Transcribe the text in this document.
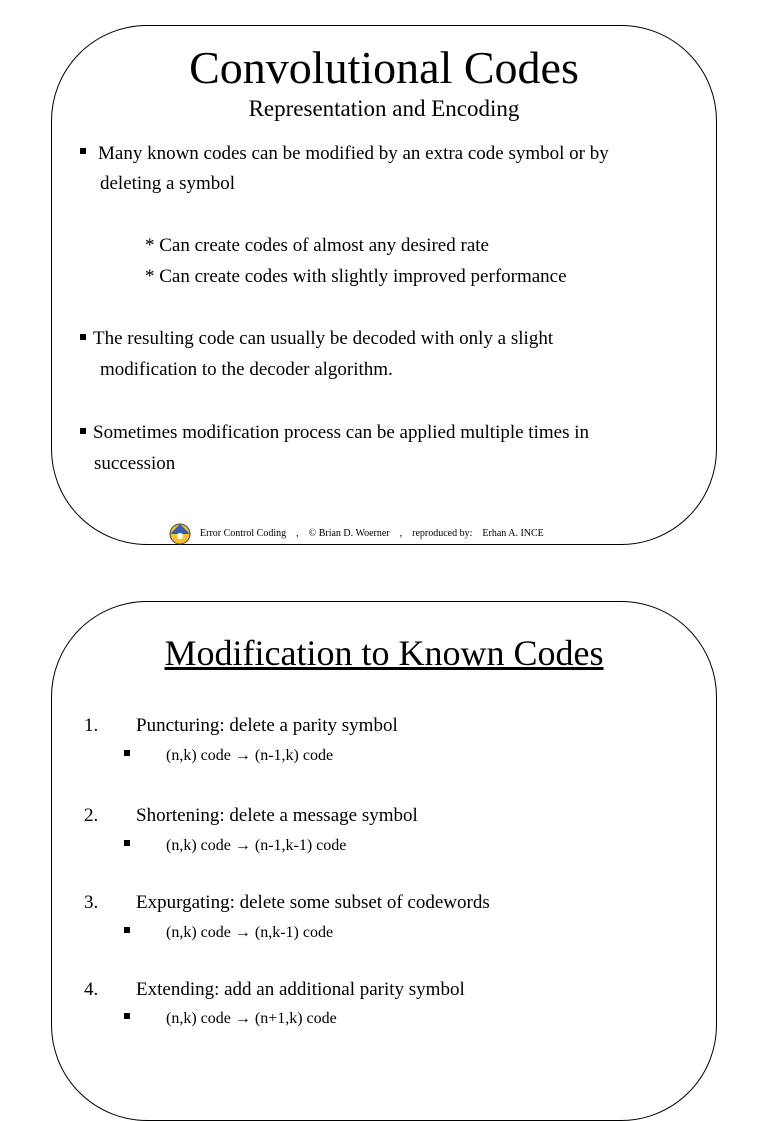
Convolutional Codes
Representation and Encoding
Many known codes can be modified by an extra code symbol or by
deleting a symbol
* Can create codes of almost any desired rate
* Can create codes with slightly improved performance
The resulting code can usually be decoded with only a slight
modification to the decoder algorithm.
Sometimes modification process can be applied multiple times in
succession
Error Control Coding , © Brian D. Woerner , reproduced by: Erhan A. INCE
Modification to Known Codes
1. Puncturing: delete a parity symbol
(n,k) code → (n-1,k) code
2. Shortening: delete a message symbol
(n,k) code → (n-1,k-1) code
3. Expurgating: delete some subset of codewords
(n,k) code → (n,k-1) code
4. Extending: add an additional parity symbol
(n,k) code → (n+1,k) code
